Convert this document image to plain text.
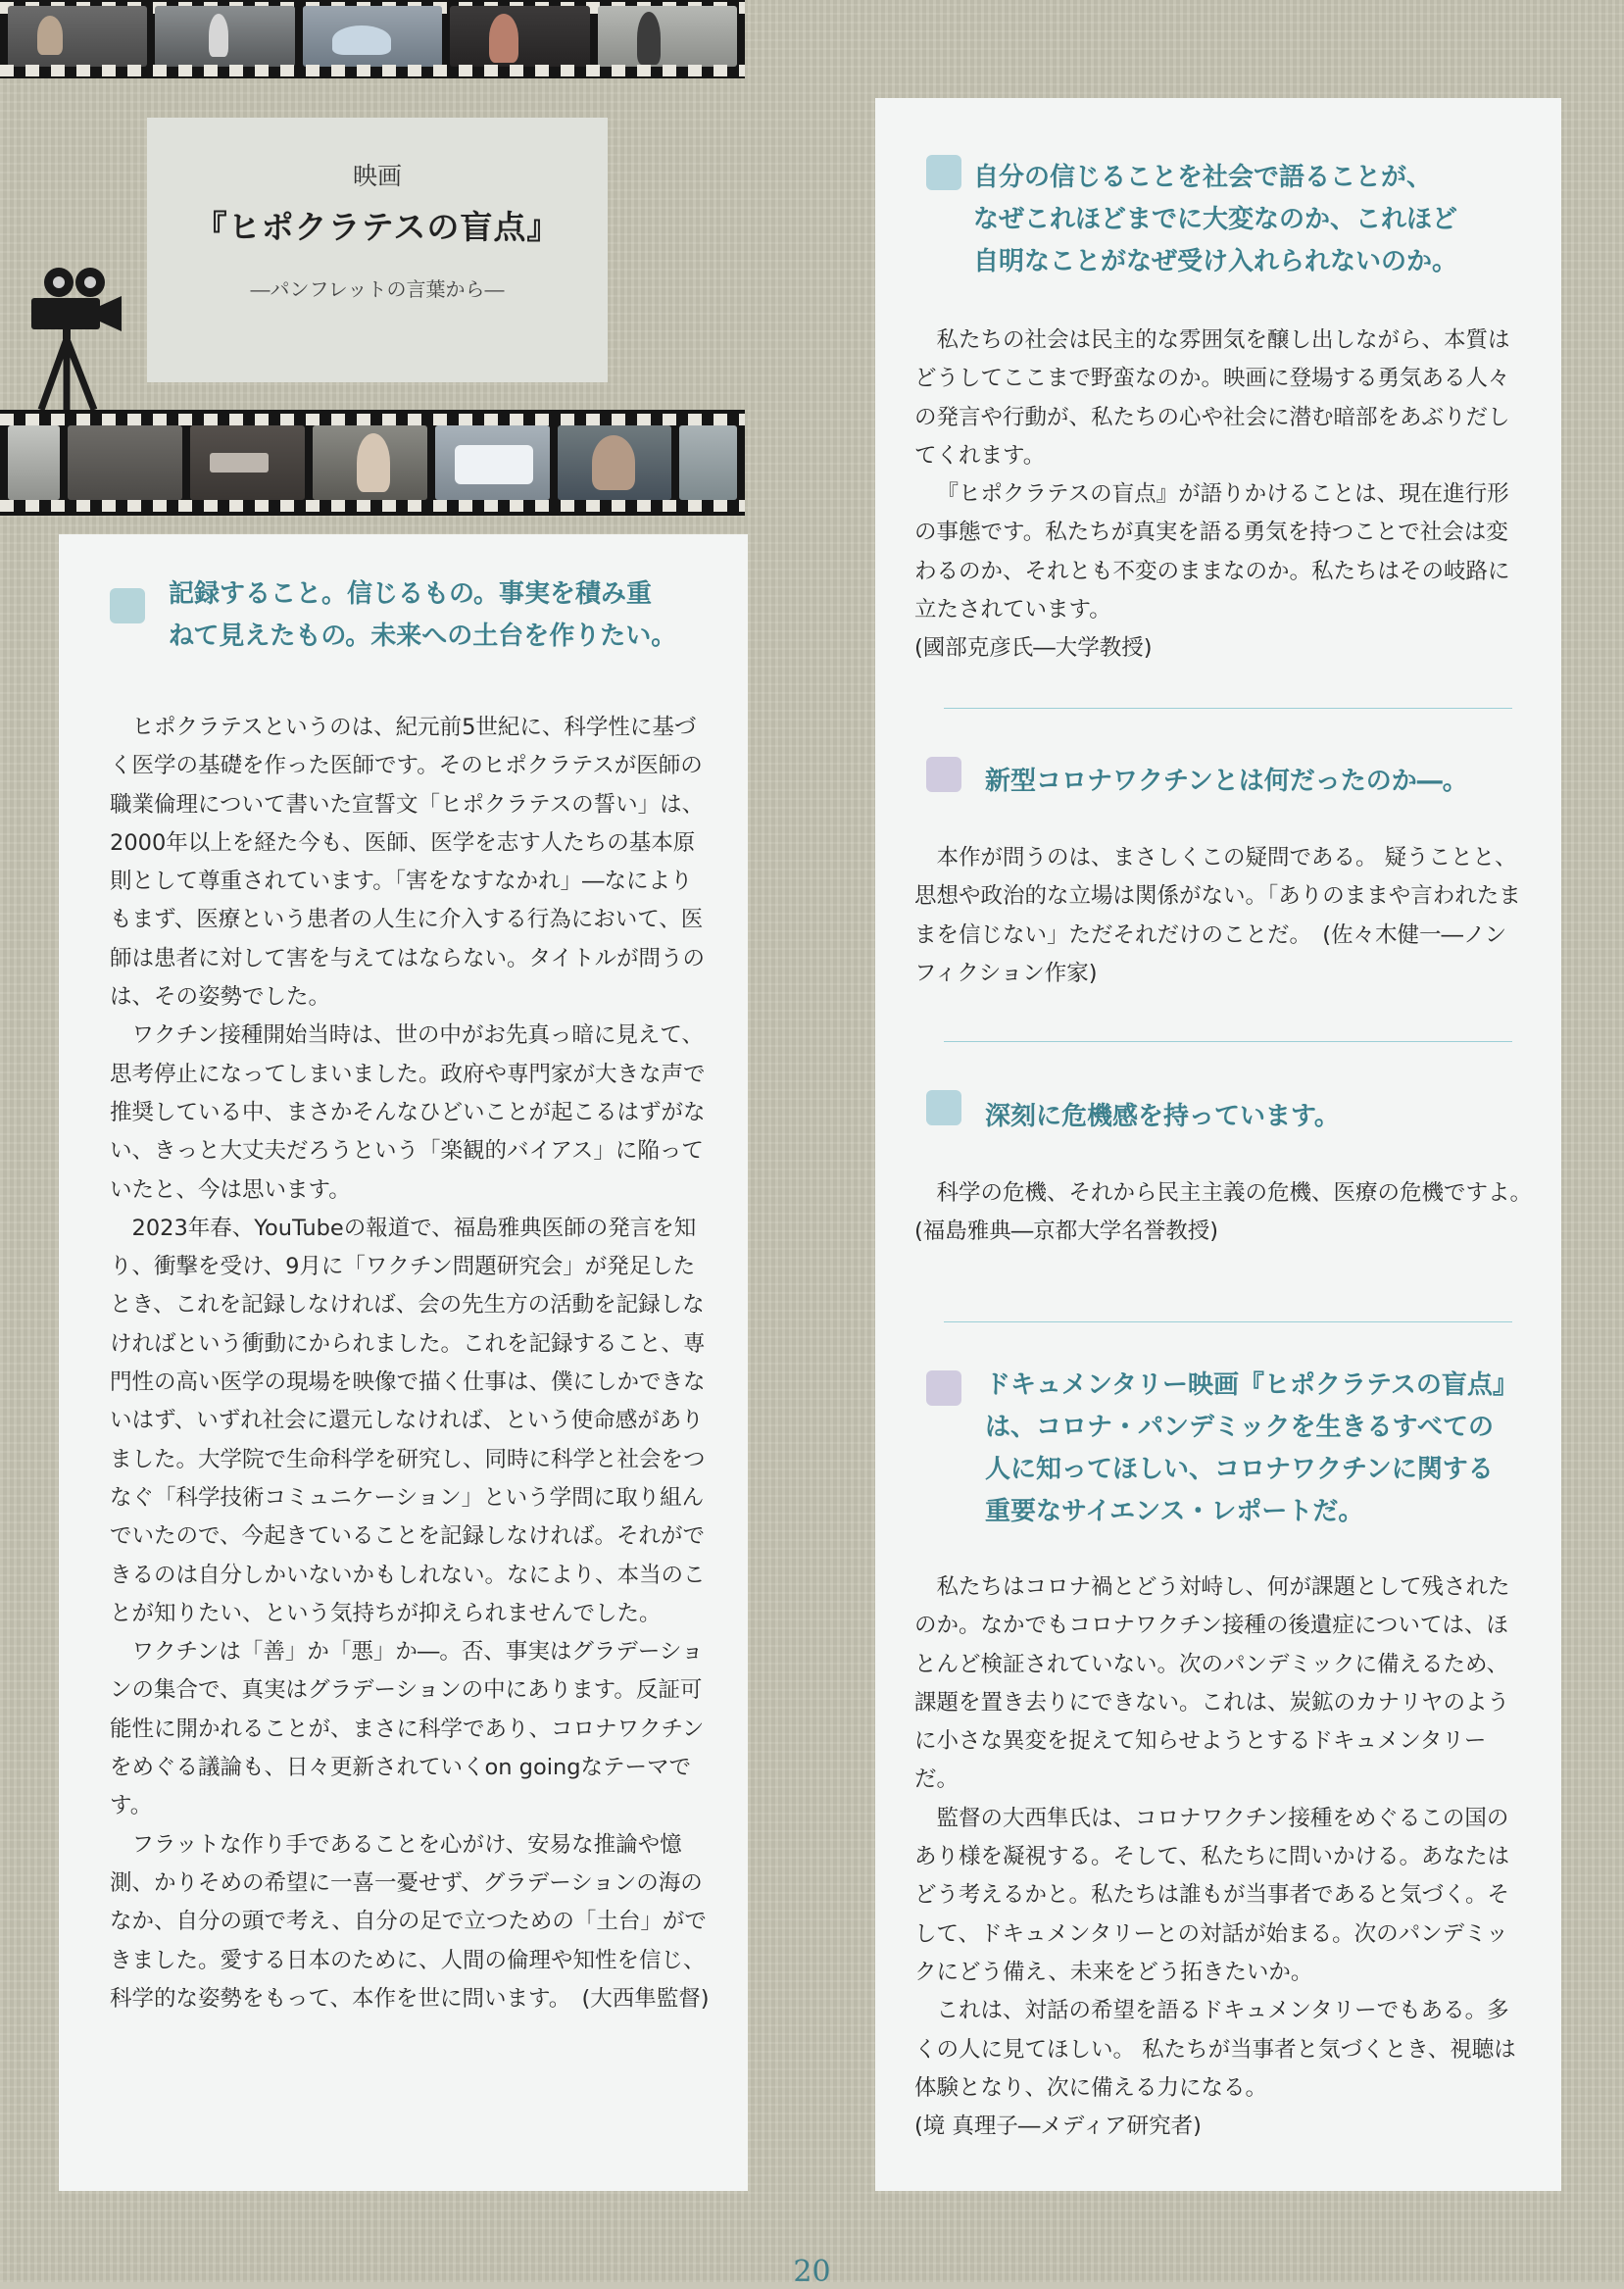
映画
『ヒポクラテスの盲点』
―パンフレットの言葉から―
記録すること。信じるもの。事実を積み重
ねて見えたもの。未来への土台を作りたい。

ヒポクラテスというのは、紀元前5世紀に、科学性に基づく医学の基礎を作った医師です。そのヒポクラテスが医師の職業倫理について書いた宣誓文「ヒポクラテスの誓い」は、2000年以上を経た今も、医師、医学を志す人たちの基本原則として尊重されています。「害をなすなかれ」―なによりもまず、医療という患者の人生に介入する行為において、医師は患者に対して害を与えてはならない。タイトルが問うのは、その姿勢でした。

ワクチン接種開始当時は、世の中がお先真っ暗に見えて、思考停止になってしまいました。政府や専門家が大きな声で推奨している中、まさかそんなひどいことが起こるはずがない、きっと大丈夫だろうという「楽観的バイアス」に陥っていたと、今は思います。

2023年春、YouTubeの報道で、福島雅典医師の発言を知り、衝撃を受け、9月に「ワクチン問題研究会」が発足したとき、これを記録しなければ、会の先生方の活動を記録しなければという衝動にかられました。これを記録すること、専門性の高い医学の現場を映像で描く仕事は、僕にしかできないはず、いずれ社会に還元しなければ、という使命感がありました。大学院で生命科学を研究し、同時に科学と社会をつなぐ「科学技術コミュニケーション」という学問に取り組んでいたので、今起きていることを記録しなければ。それができるのは自分しかいないかもしれない。なにより、本当のことが知りたい、という気持ちが抑えられませんでした。

ワクチンは「善」か「悪」か―。否、事実はグラデーションの集合で、真実はグラデーションの中にあります。反証可能性に開かれることが、まさに科学であり、コロナワクチンをめぐる議論も、日々更新されていくon goingなテーマです。

フラットな作り手であることを心がけ、安易な推論や憶測、かりそめの希望に一喜一憂せず、グラデーションの海のなか、自分の頭で考え、自分の足で立つための「土台」ができました。愛する日本のために、人間の倫理や知性を信じ、科学的な姿勢をもって、本作を世に問います。　(大西隼監督)

自分の信じることを社会で語ることが、
なぜこれほどまでに大変なのか、これほど
自明なことがなぜ受け入れられないのか。

私たちの社会は民主的な雰囲気を醸し出しながら、本質はどうしてここまで野蛮なのか。映画に登場する勇気ある人々の発言や行動が、私たちの心や社会に潜む暗部をあぶりだしてくれます。

『ヒポクラテスの盲点』が語りかけることは、現在進行形の事態です。私たちが真実を語る勇気を持つことで社会は変わるのか、それとも不変のままなのか。私たちはその岐路に立たされています。

(國部克彦氏―大学教授)

新型コロナワクチンとは何だったのか―。

本作が問うのは、まさしくこの疑問である。 疑うことと、思想や政治的な立場は関係がない。「ありのままや言われたままを信じない」ただそれだけのことだ。　(佐々木健一―ノンフィクション作家)

深刻に危機感を持っています。

科学の危機、それから民主主義の危機、医療の危機ですよ。　(福島雅典―京都大学名誉教授)

ドキュメンタリー映画『ヒポクラテスの盲点』
は、コロナ・パンデミックを生きるすべての
人に知ってほしい、コロナワクチンに関する
重要なサイエンス・レポートだ。

私たちはコロナ禍とどう対峙し、何が課題として残されたのか。なかでもコロナワクチン接種の後遺症については、ほとんど検証されていない。次のパンデミックに備えるため、課題を置き去りにできない。これは、炭鉱のカナリヤのように小さな異変を捉えて知らせようとするドキュメンタリーだ。

監督の大西隼氏は、コロナワクチン接種をめぐるこの国のあり様を凝視する。そして、私たちに問いかける。あなたはどう考えるかと。私たちは誰もが当事者であると気づく。そして、ドキュメンタリーとの対話が始まる。次のパンデミックにどう備え、未来をどう拓きたいか。

これは、対話の希望を語るドキュメンタリーでもある。多くの人に見てほしい。 私たちが当事者と気づくとき、視聴は体験となり、次に備える力になる。

(境 真理子―メディア研究者)

20
